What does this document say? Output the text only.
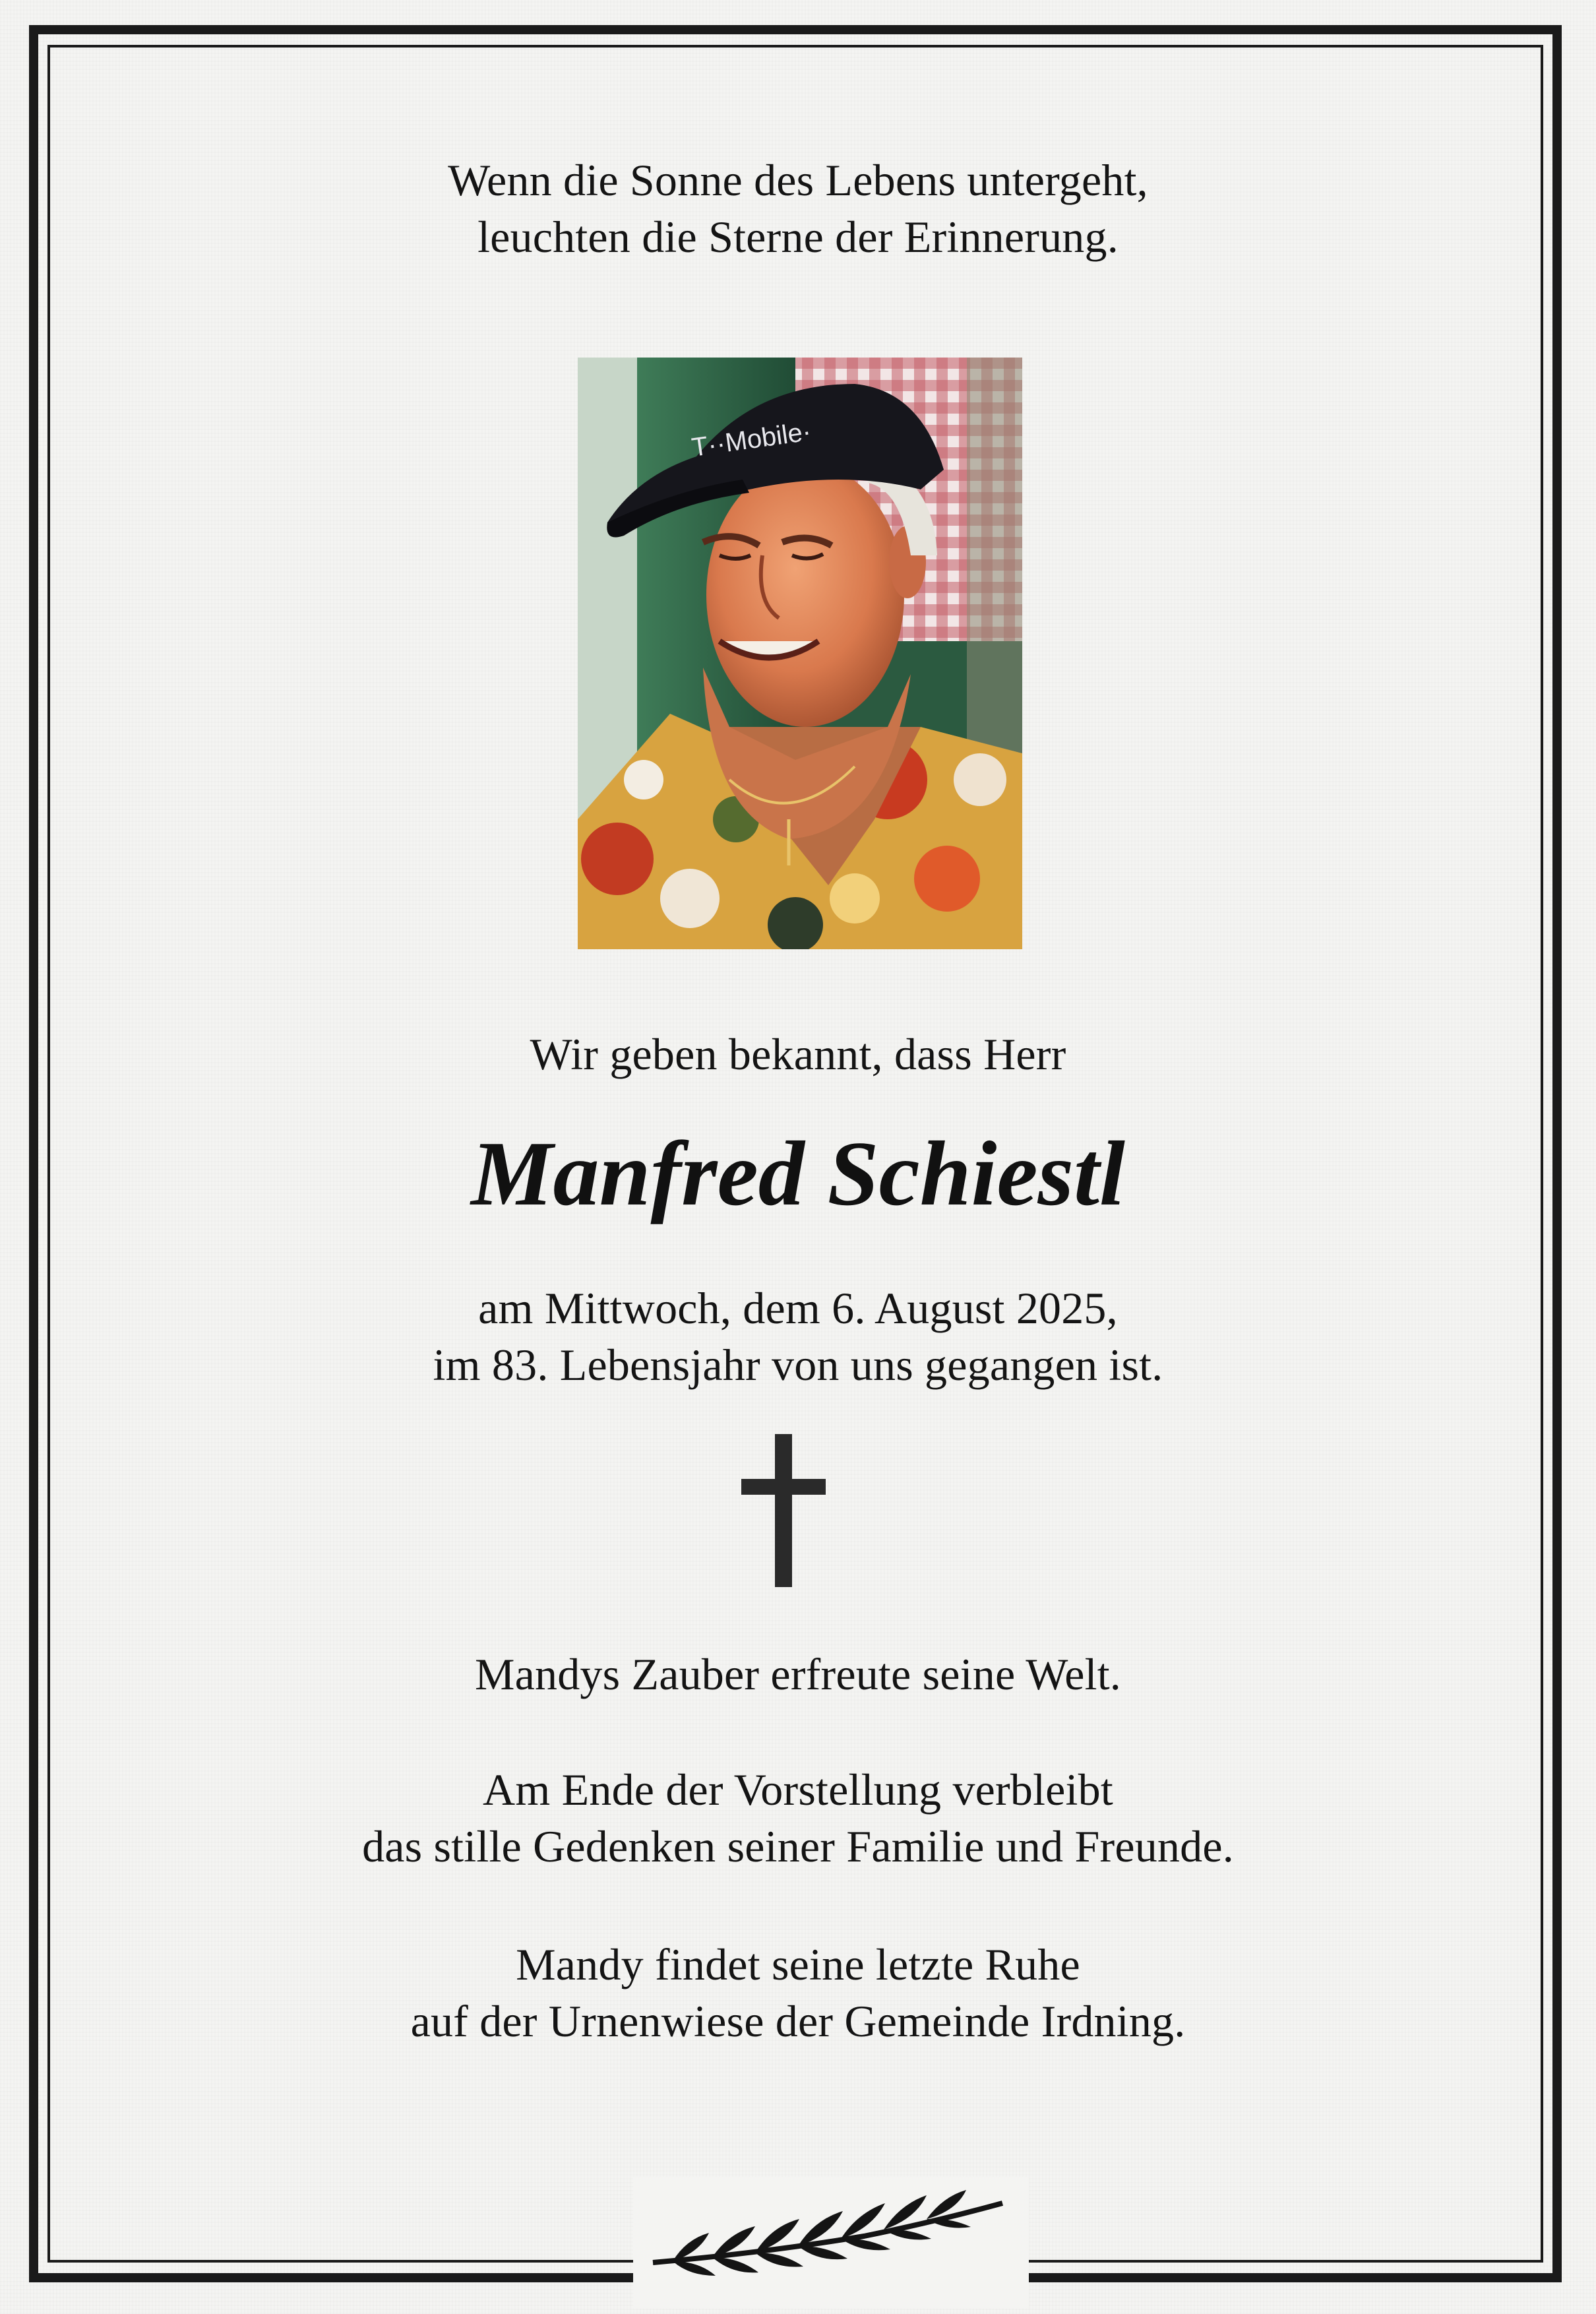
Wenn die Sonne des Lebens untergeht,
leuchten die Sterne der Erinnerung.
T··Mobile·
Wir geben bekannt, dass Herr
Manfred Schiestl
am Mittwoch, dem 6. August 2025,
im 83. Lebensjahr von uns gegangen ist.
Mandys Zauber erfreute seine Welt.
Am Ende der Vorstellung verbleibt
das stille Gedenken seiner Familie und Freunde.
Mandy findet seine letzte Ruhe
auf der Urnenwiese der Gemeinde Irdning.
